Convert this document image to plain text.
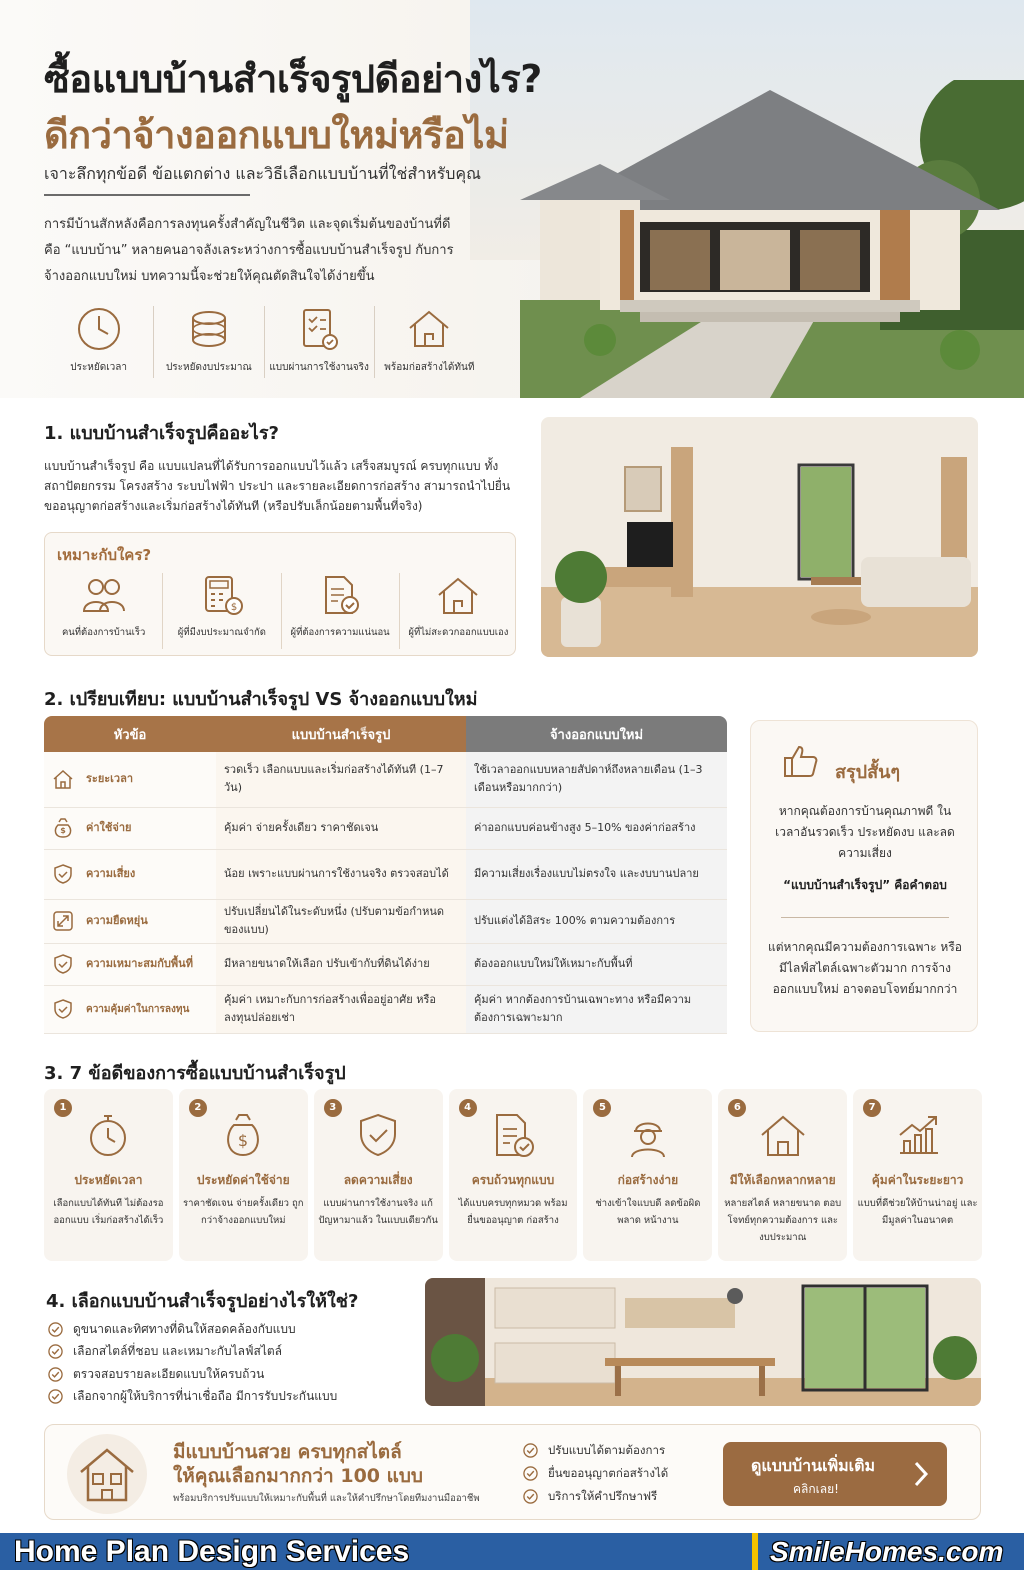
ซื้อแบบบ้านสำเร็จรูปดีอย่างไร?
ดีกว่าจ้างออกแบบใหม่หรือไม่
เจาะลึกทุกข้อดี ข้อแตกต่าง และวิธีเลือกแบบบ้านที่ใช่สำหรับคุณ
การมีบ้านสักหลังคือการลงทุนครั้งสำคัญในชีวิต และจุดเริ่มต้นของบ้านที่ดี คือ “แบบบ้าน” หลายคนอาจลังเลระหว่างการซื้อแบบบ้านสำเร็จรูป กับการจ้างออกแบบใหม่ บทความนี้จะช่วยให้คุณตัดสินใจได้ง่ายขึ้น
ประหยัดเวลา	ประหยัดงบประมาณ แบบผ่านการใช้งานจริง พร้อมก่อสร้างได้ทันที
1. แบบบ้านสำเร็จรูปคืออะไร?
แบบบ้านสำเร็จรูป คือ แบบแปลนที่ได้รับการออกแบบไว้แล้ว เสร็จสมบูรณ์ ครบทุกแบบ ทั้งสถาปัตยกรรม โครงสร้าง ระบบไฟฟ้า ประปา และรายละเอียดการก่อสร้าง สามารถนำไปยื่นขออนุญาตก่อสร้างและเริ่มก่อสร้างได้ทันที (หรือปรับเล็กน้อยตามพื้นที่จริง)
เหมาะกับใคร?
คนที่ต้องการบ้านเร็ว
$
ผู้ที่มีงบประมาณจำกัด	ผู้ที่ต้องการความแน่นอน ผู้ที่ไม่สะดวกออกแบบเอง
2. เปรียบเทียบ: แบบบ้านสำเร็จรูป VS จ้างออกแบบใหม่
หัวข้อ	แบบบ้านสำเร็จรูป	จ้างออกแบบใหม่
ระยะเวลา	รวดเร็ว เลือกแบบและเริ่มก่อสร้างได้ทันที (1–7 วัน)	ใช้เวลาออกแบบหลายสัปดาห์ถึงหลายเดือน (1–3 เดือนหรือมากกว่า)

$ ค่าใช้จ่าย	คุ้มค่า จ่ายครั้งเดียว ราคาชัดเจน	ค่าออกแบบค่อนข้างสูง 5–10% ของค่าก่อสร้าง
ความเสี่ยง	น้อย เพราะแบบผ่านการใช้งานจริง ตรวจสอบได้	มีความเสี่ยงเรื่องแบบไม่ตรงใจ และงบบานปลาย
ความยืดหยุ่น	ปรับเปลี่ยนได้ในระดับหนึ่ง (ปรับตามข้อกำหนดของแบบ)	ปรับแต่งได้อิสระ 100% ตามความต้องการ
ความเหมาะสมกับพื้นที่	มีหลายขนาดให้เลือก ปรับเข้ากับที่ดินได้ง่าย	ต้องออกแบบใหม่ให้เหมาะกับพื้นที่
ความคุ้มค่าในการลงทุน	คุ้มค่า เหมาะกับการก่อสร้างเพื่ออยู่อาศัย หรือลงทุนปล่อยเช่า	คุ้มค่า หากต้องการบ้านเฉพาะทาง หรือมีความต้องการเฉพาะมาก
สรุปสั้นๆ
หากคุณต้องการบ้านคุณภาพดี ในเวลาอันรวดเร็ว ประหยัดงบ และลดความเสี่ยง
“แบบบ้านสำเร็จรูป” คือคำตอบ
แต่หากคุณมีความต้องการเฉพาะ หรือมีไลฟ์สไตล์เฉพาะตัวมาก การจ้างออกแบบใหม่ อาจตอบโจทย์มากกว่า
3. 7 ข้อดีของการซื้อแบบบ้านสำเร็จรูป
1
ประหยัดเวลา
เลือกแบบได้ทันที ไม่ต้องรอออกแบบ เริ่มก่อสร้างได้เร็ว
2
$
ประหยัดค่าใช้จ่าย
ราคาชัดเจน จ่ายครั้งเดียว ถูกกว่าจ้างออกแบบใหม่
3
ลดความเสี่ยง
แบบผ่านการใช้งานจริง แก้ปัญหามาแล้ว ในแบบเดียวกัน
4
ครบถ้วนทุกแบบ
ได้แบบครบทุกหมวด พร้อมยื่นขออนุญาต ก่อสร้าง
5
ก่อสร้างง่าย
ช่างเข้าใจแบบดี ลดข้อผิดพลาด หน้างาน
6
มีให้เลือกหลากหลาย
หลายสไตล์ หลายขนาด ตอบโจทย์ทุกความต้องการ และงบประมาณ
7
คุ้มค่าในระยะยาว
แบบที่ดีช่วยให้บ้านน่าอยู่ และมีมูลค่าในอนาคต
4. เลือกแบบบ้านสำเร็จรูปอย่างไรให้ใช่?
ดูขนาดและทิศทางที่ดินให้สอดคล้องกับแบบ
เลือกสไตล์ที่ชอบ และเหมาะกับไลฟ์สไตล์
ตรวจสอบรายละเอียดแบบให้ครบถ้วน
เลือกจากผู้ให้บริการที่น่าเชื่อถือ มีการรับประกันแบบ
มีแบบบ้านสวย ครบทุกสไตล์
ให้คุณเลือกมากกว่า 100 แบบ
พร้อมบริการปรับแบบให้เหมาะกับพื้นที่ และให้คำปรึกษาโดยทีมงานมืออาชีพ
ปรับแบบได้ตามต้องการ
ยื่นขออนุญาตก่อสร้างได้
บริการให้คำปรึกษาฟรี
ดูแบบบ้านเพิ่มเติม
คลิกเลย!
Home Plan Design Services	SmileHomes.com
